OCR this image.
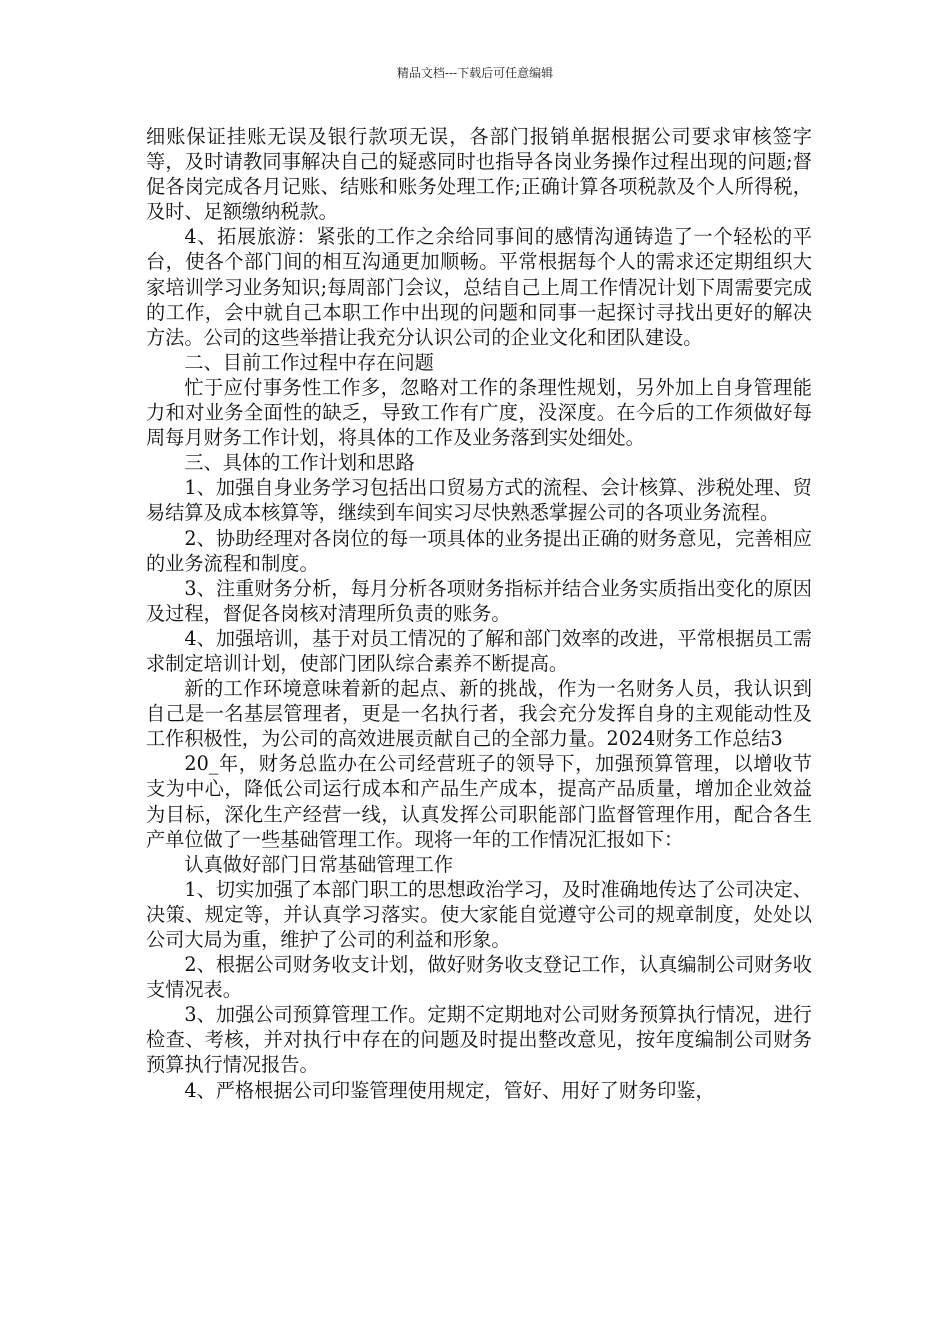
精品文档---下载后可任意编辑

细账保证挂账无误及银行款项无误，各部门报销单据根据公司要求审核签字等，及时请教同事解决自己的疑惑同时也指导各岗业务操作过程出现的问题;督促各岗完成各月记账、结账和账务处理工作;正确计算各项税款及个人所得税，及时、足额缴纳税款。

4、拓展旅游：紧张的工作之余给同事间的感情沟通铸造了一个轻松的平台，使各个部门间的相互沟通更加顺畅。平常根据每个人的需求还定期组织大家培训学习业务知识;每周部门会议，总结自己上周工作情况计划下周需要完成的工作，会中就自己本职工作中出现的问题和同事一起探讨寻找出更好的解决方法。公司的这些举措让我充分认识公司的企业文化和团队建设。

二、目前工作过程中存在问题

忙于应付事务性工作多，忽略对工作的条理性规划，另外加上自身管理能力和对业务全面性的缺乏，导致工作有广度，没深度。在今后的工作须做好每周每月财务工作计划，将具体的工作及业务落到实处细处。

三、具体的工作计划和思路

1、加强自身业务学习包括出口贸易方式的流程、会计核算、涉税处理、贸易结算及成本核算等，继续到车间实习尽快熟悉掌握公司的各项业务流程。

2、协助经理对各岗位的每一项具体的业务提出正确的财务意见，完善相应的业务流程和制度。

3、注重财务分析，每月分析各项财务指标并结合业务实质指出变化的原因及过程，督促各岗核对清理所负责的账务。

4、加强培训，基于对员工情况的了解和部门效率的改进，平常根据员工需求制定培训计划，使部门团队综合素养不断提高。

新的工作环境意味着新的起点、新的挑战，作为一名财务人员，我认识到自己是一名基层管理者，更是一名执行者，我会充分发挥自身的主观能动性及工作积极性，为公司的高效进展贡献自己的全部力量。2024财务工作总结3

20_年，财务总监办在公司经营班子的领导下，加强预算管理，以增收节支为中心，降低公司运行成本和产品生产成本，提高产品质量，增加企业效益为目标，深化生产经营一线，认真发挥公司职能部门监督管理作用，配合各生产单位做了一些基础管理工作。现将一年的工作情况汇报如下：

认真做好部门日常基础管理工作

1、切实加强了本部门职工的思想政治学习，及时准确地传达了公司决定、决策、规定等，并认真学习落实。使大家能自觉遵守公司的规章制度，处处以公司大局为重，维护了公司的利益和形象。

2、根据公司财务收支计划，做好财务收支登记工作，认真编制公司财务收支情况表。

3、加强公司预算管理工作。定期不定期地对公司财务预算执行情况，进行检查、考核，并对执行中存在的问题及时提出整改意见，按年度编制公司财务预算执行情况报告。

4、严格根据公司印鉴管理使用规定，管好、用好了财务印鉴，
